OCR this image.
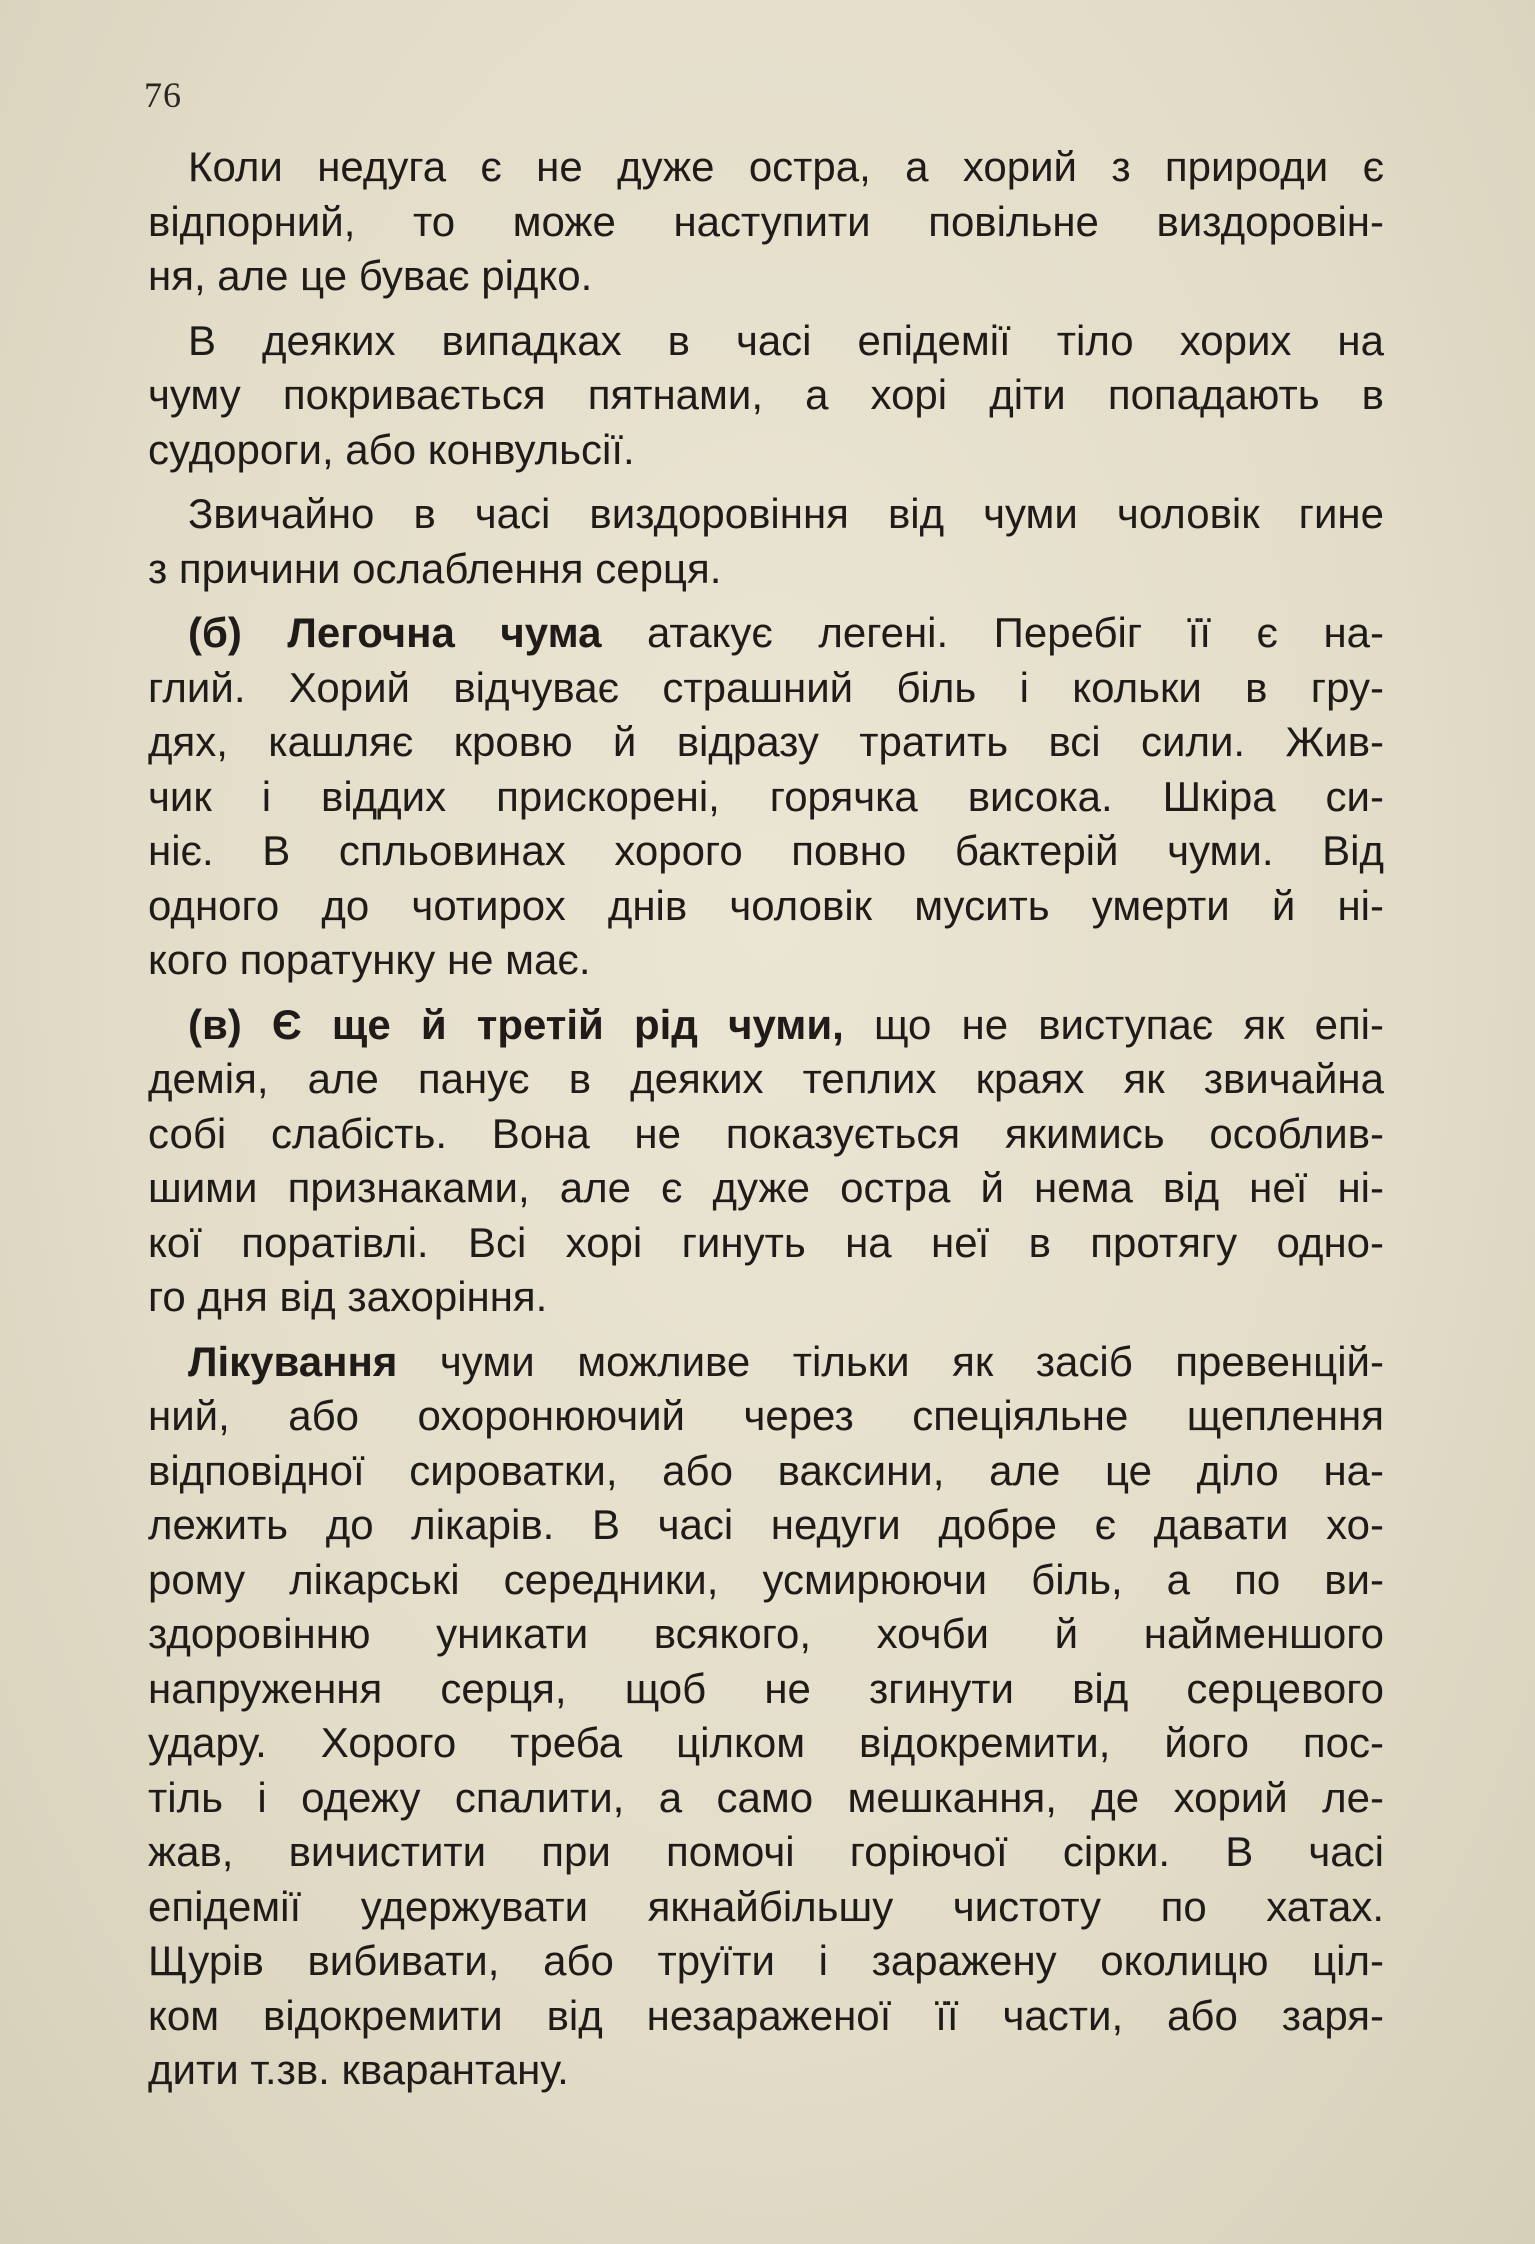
76
Коли недуга є не дуже остра, а хорий з природи є
відпорний, то може наступити повільне виздоровін-
ня, але це буває рідко.
В деяких випадках в часі епідемії тіло хорих на
чуму покривається пятнами, а хорі діти попадають в
судороги, або конвульсії.
Звичайно в часі виздоровіння від чуми чоловік гине
з причини ослаблення серця.
(б) Легочна чума атакує легені. Перебіг її є на-
глий. Хорий відчуває страшний біль і кольки в гру-
дях, кашляє кровю й відразу тратить всі сили. Жив-
чик і віддих прискорені, горячка висока. Шкіра си-
ніє. В спльовинах хорого повно бактерій чуми. Від
одного до чотирох днів чоловік мусить умерти й ні-
кого поратунку не має.
(в) Є ще й третій рід чуми, що не виступає як епі-
демія, але панує в деяких теплих краях як звичайна
собі слабість. Вона не показується якимись особлив-
шими признаками, але є дуже остра й нема від неї ні-
кої поратівлі. Всі хорі гинуть на неї в протягу одно-
го дня від захоріння.
Лікування чуми можливе тільки як засіб превенцій-
ний, або охоронюючий через спеціяльне щеплення
відповідної сироватки, або ваксини, але це діло на-
лежить до лікарів. В часі недуги добре є давати хо-
рому лікарські середники, усмирюючи біль, а по ви-
здоровінню уникати всякого, хочби й найменшого
напруження серця, щоб не згинути від серцевого
удару. Хорого треба цілком відокремити, його пос-
тіль і одежу спалити, а само мешкання, де хорий ле-
жав, вичистити при помочі горіючої сірки. В часі
епідемії удержувати якнайбільшу чистоту по хатах.
Щурів вибивати, або труїти і заражену околицю ціл-
ком відокремити від незараженої її части, або заря-
дити т.зв. кварантану.
